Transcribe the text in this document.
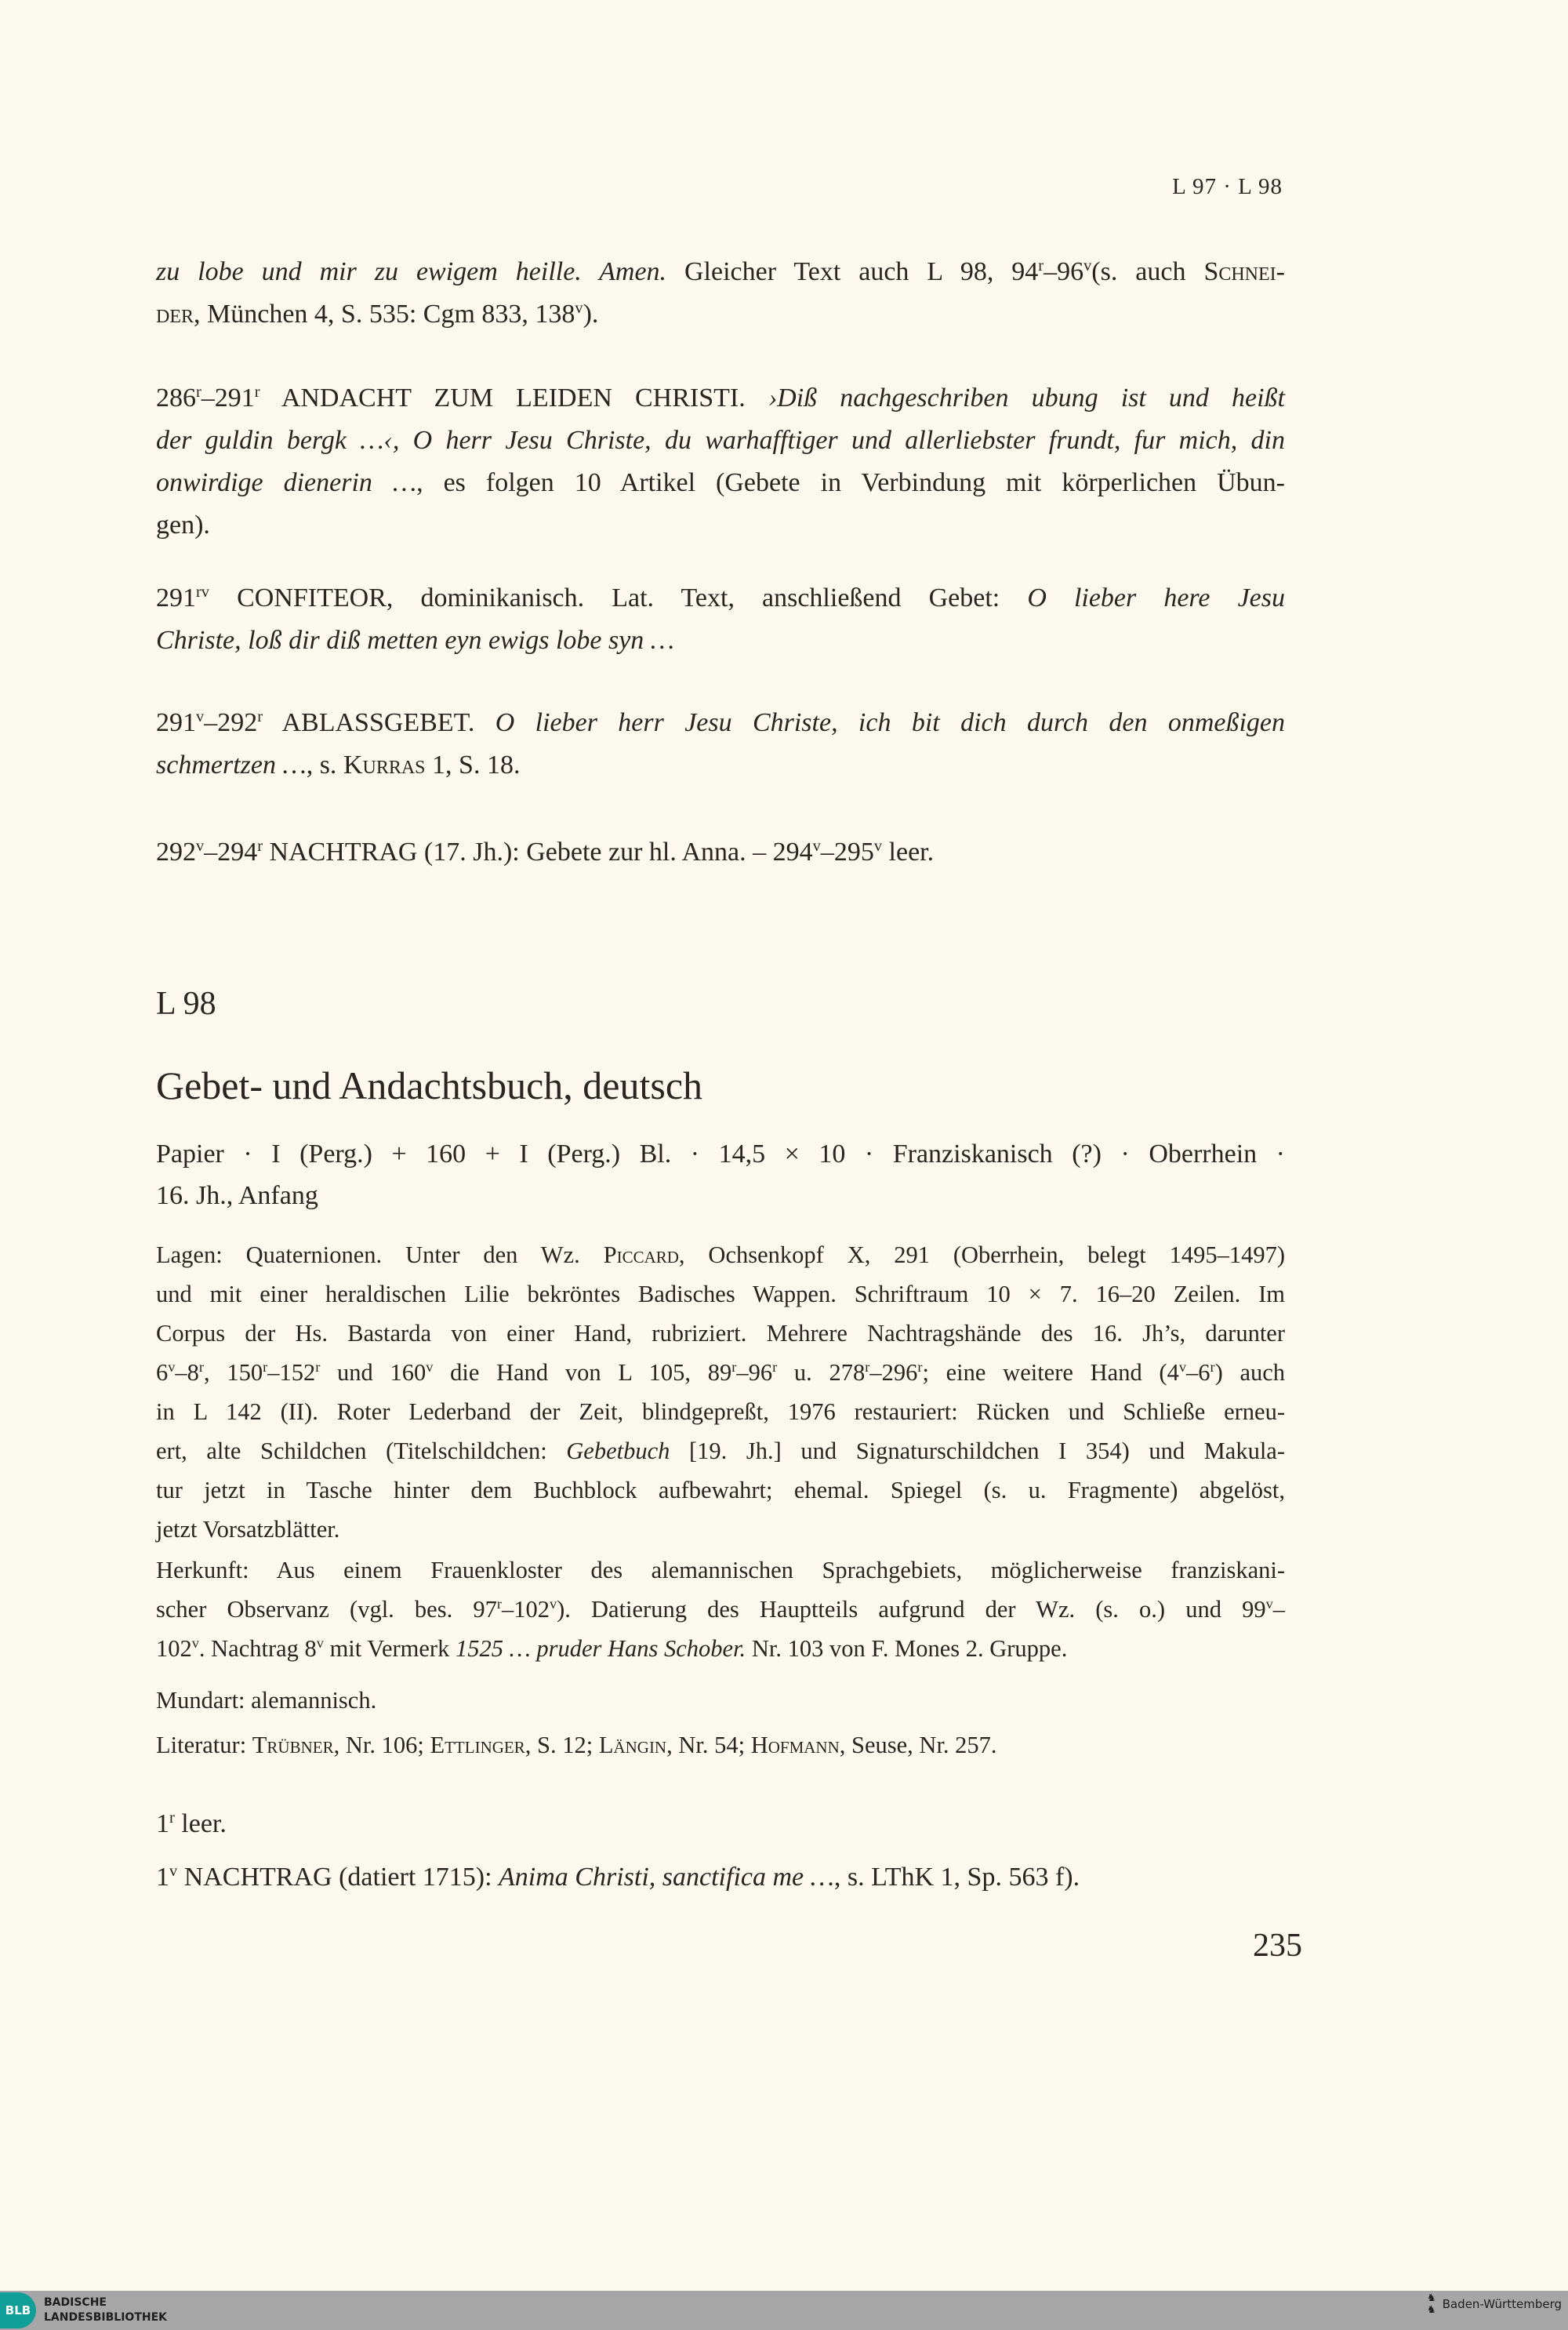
L 97 · L 98
L 98
Gebet- und Andachtsbuch, deutsch
zu lobe und mir zu ewigem heille. Amen. Gleicher Text auch L 98, 94$^r$–96$^v$(s. auch Schnei-
der, München 4, S. 535: Cgm 833, 138$^v$).
286$^r$–291$^r$ ANDACHT ZUM LEIDEN CHRISTI. ›Diß nachgeschriben ubung ist und heißt
der guldin bergk …‹, O herr Jesu Christe, du warhafftiger und allerliebster frundt, fur mich, din
onwirdige dienerin …, es folgen 10 Artikel (Gebete in Verbindung mit körperlichen Übun-
gen).
$291^{rv}$ CONFITEOR, dominikanisch. Lat. Text, anschließend Gebet: O lieber here Jesu
Christe, loß dir diß metten eyn ewigs lobe syn …
291$^v$–292$^r$ ABLASSGEBET. O lieber herr Jesu Christe, ich bit dich durch den onmeßigen
schmertzen …, s. Kurras 1, S. 18.
292$^v$–294$^r$ NACHTRAG (17. Jh.): Gebete zur hl. Anna. – 294$^v$–295$^v$ leer.
Papier · I (Perg.) + 160 + I (Perg.) Bl. · 14,5 × 10 · Franziskanisch (?) · Oberrhein ·
16. Jh., Anfang
Lagen: Quaternionen. Unter den Wz. Piccard, Ochsenkopf X, 291 (Oberrhein, belegt 1495–1497)
und mit einer heraldischen Lilie bekröntes Badisches Wappen. Schriftraum 10 × 7. 16–20 Zeilen. Im
Corpus der Hs. Bastarda von einer Hand, rubriziert. Mehrere Nachtragshände des 16. Jh’s, darunter
6$^v$–8$^r$, 150$^r$–152$^r$ und 160$^v$ die Hand von L 105, 89$^r$–96$^r$ u. 278$^r$–296$^r$; eine weitere Hand (4$^v$–6$^r$) auch
in L 142 (II). Roter Lederband der Zeit, blindgepreßt, 1976 restauriert: Rücken und Schließe erneu-
ert, alte Schildchen (Titelschildchen: Gebetbuch [19. Jh.] und Signaturschildchen I 354) und Makula-
tur jetzt in Tasche hinter dem Buchblock aufbewahrt; ehemal. Spiegel (s. u. Fragmente) abgelöst,
jetzt Vorsatzblätter.
Herkunft: Aus einem Frauenkloster des alemannischen Sprachgebiets, möglicherweise franziskani-
scher Observanz (vgl. bes. 97$^r$–102$^v$). Datierung des Hauptteils aufgrund der Wz. (s. o.) und 99$^v$–
102$^v$. Nachtrag 8$^v$ mit Vermerk 1525 … pruder Hans Schober. Nr. 103 von F. Mones 2. Gruppe.
Mundart: alemannisch.
Literatur: Trübner, Nr. 106; Ettlinger, S. 12; Längin, Nr. 54; Hofmann, Seuse, Nr. 257.
1$^r$ leer.
1$^v$ NACHTRAG (datiert 1715): Anima Christi, sanctifica me …, s. LThK 1, Sp. 563 f).
235
BLB
BADISCHE
LANDESBIBLIOTHEK
♞
♞ Baden-Württemberg
